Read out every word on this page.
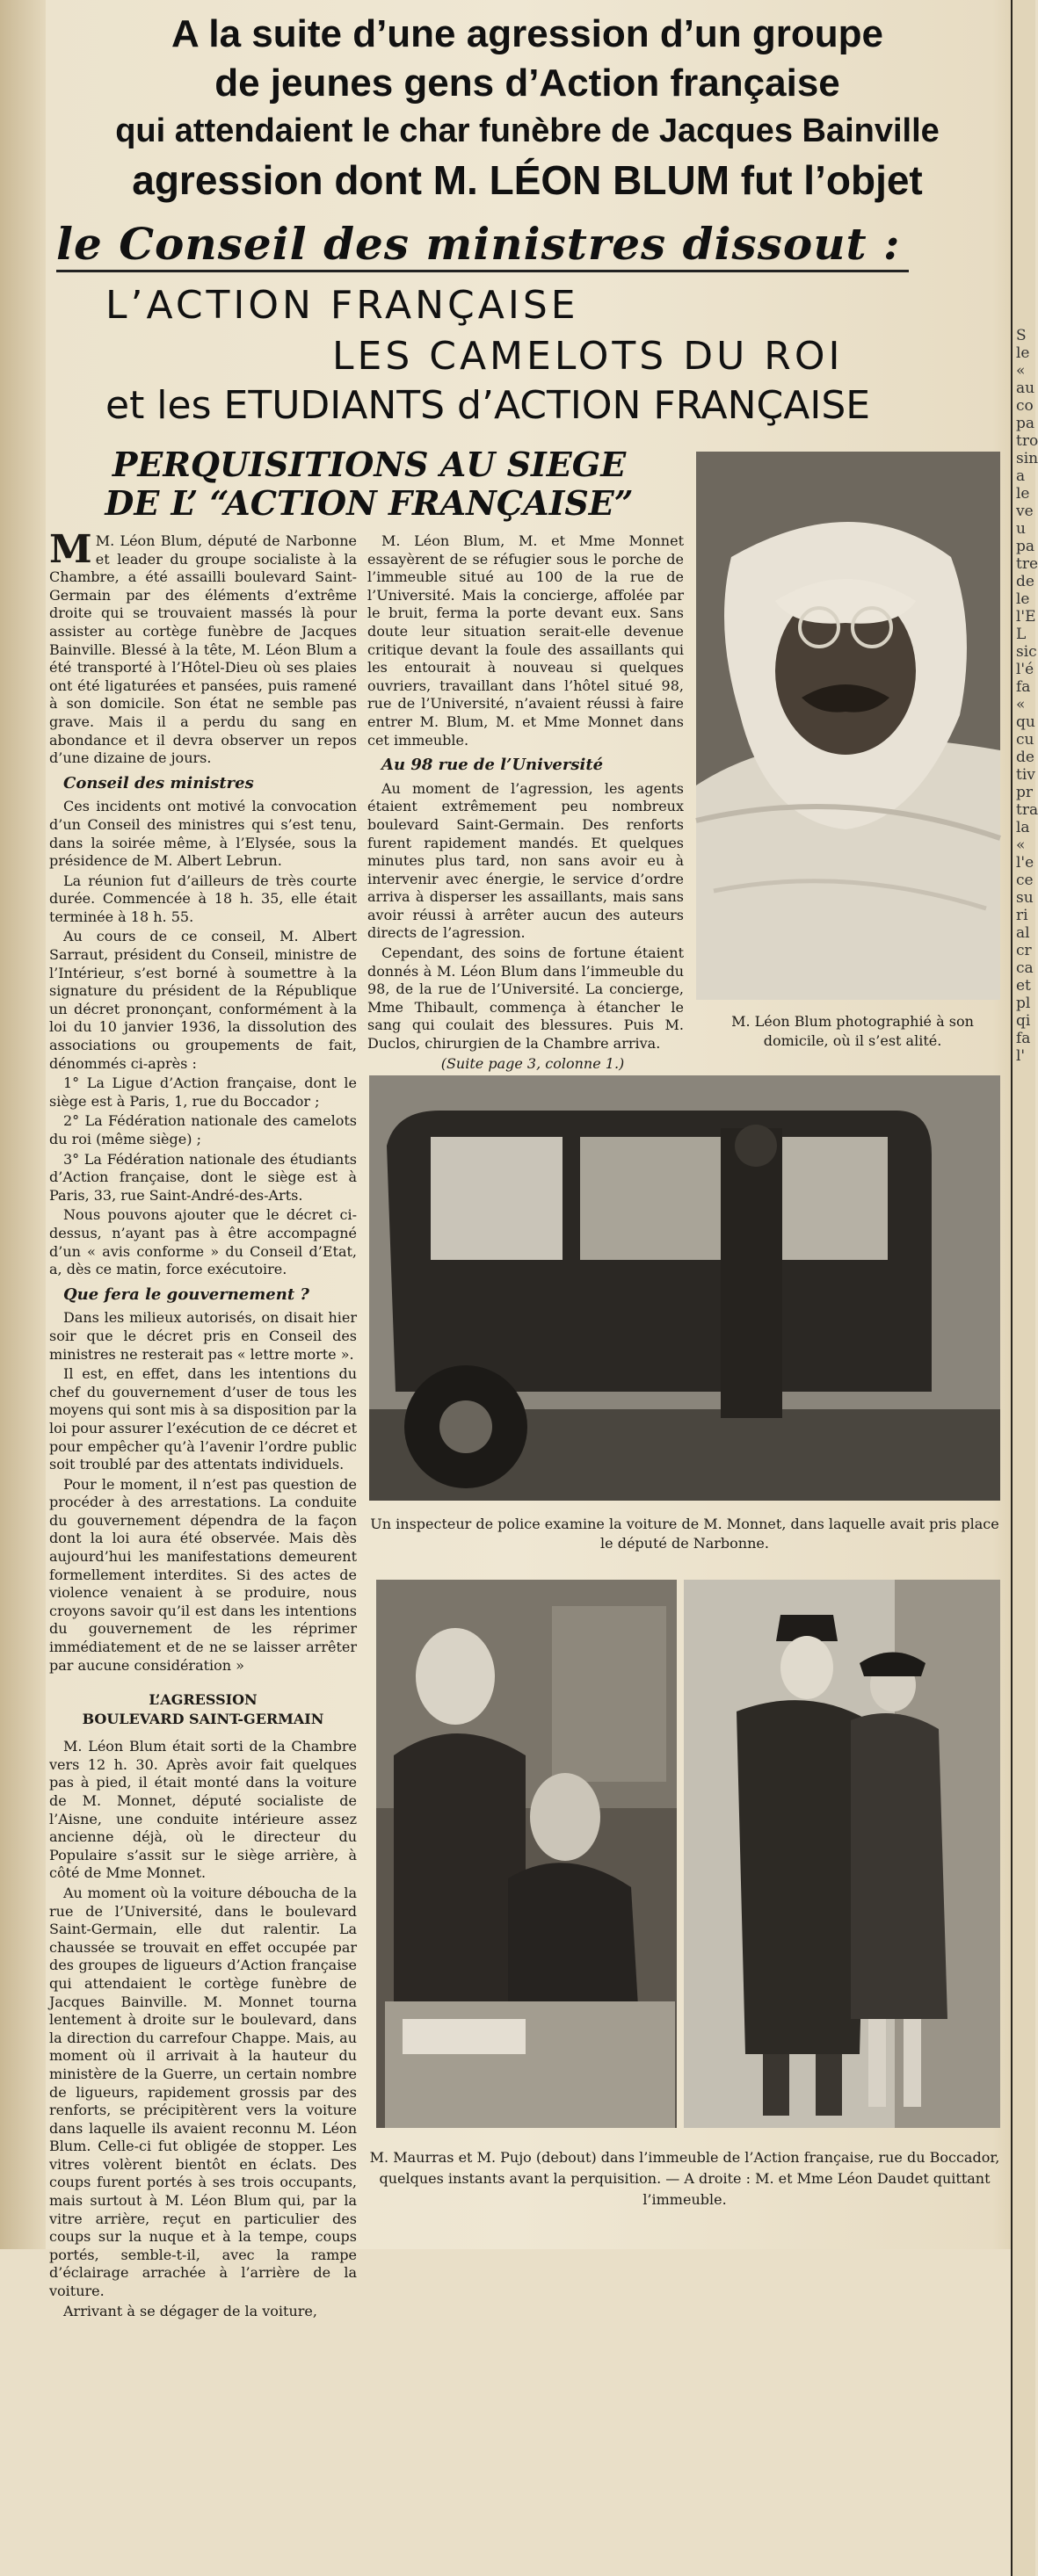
A la suite d’une agression d’un groupe
de jeunes gens d’Action française
qui attendaient le char funèbre de Jacques Bainville
agression dont M. LÉON BLUM fut l’objet
le Conseil des ministres dissout :
L’ACTION FRANÇAISE
LES CAMELOTS DU ROI
et les ETUDIANTS d’ACTION FRANÇAISE
PERQUISITIONS AU SIEGE
DE L’ “ACTION FRANÇAISE”

M M. Léon Blum, député de Narbonne et leader du groupe socialiste à la Chambre, a été assailli boulevard Saint-Germain par des éléments d’extrême droite qui se trouvaient massés là pour assister au cortège funèbre de Jacques Bainville. Blessé à la tête, M. Léon Blum a été transporté à l’Hôtel-Dieu où ses plaies ont été ligaturées et pansées, puis ramené à son domicile. Son état ne semble pas grave. Mais il a perdu du sang en abondance et il devra observer un repos d’une dizaine de jours.

Conseil des ministres

Ces incidents ont motivé la convocation d’un Conseil des ministres qui s’est tenu, dans la soirée même, à l’Elysée, sous la présidence de M. Albert Lebrun.

La réunion fut d’ailleurs de très courte durée. Commencée à 18 h. 35, elle était terminée à 18 h. 55.

Au cours de ce conseil, M. Albert Sarraut, président du Conseil, ministre de l’Intérieur, s’est borné à soumettre à la signature du président de la République un décret prononçant, conformément à la loi du 10 janvier 1936, la dissolution des associations ou groupements de fait, dénommés ci-après :

1° La Ligue d’Action française, dont le siège est à Paris, 1, rue du Boccador ;

2° La Fédération nationale des camelots du roi (même siège) ;

3° La Fédération nationale des étudiants d’Action française, dont le siège est à Paris, 33, rue Saint-André-des-Arts.

Nous pouvons ajouter que le décret ci-dessus, n’ayant pas à être accompagné d’un « avis conforme » du Conseil d’Etat, a, dès ce matin, force exécutoire.

Que fera le gouvernement ?

Dans les milieux autorisés, on disait hier soir que le décret pris en Conseil des ministres ne resterait pas « lettre morte ».

Il est, en effet, dans les intentions du chef du gouvernement d’user de tous les moyens qui sont mis à sa disposition par la loi pour assurer l’exécution de ce décret et pour empêcher qu’à l’avenir l’ordre public soit troublé par des attentats individuels.

Pour le moment, il n’est pas question de procéder à des arrestations. La conduite du gouvernement dépendra de la façon dont la loi aura été observée. Mais dès aujourd’hui les manifestations demeurent formellement interdites. Si des actes de violence venaient à se produire, nous croyons savoir qu’il est dans les intentions du gouvernement de les réprimer immédiatement et de ne se laisser arrêter par aucune considération »

L’AGRESSION
BOULEVARD SAINT-GERMAIN

M. Léon Blum était sorti de la Chambre vers 12 h. 30. Après avoir fait quelques pas à pied, il était monté dans la voiture de M. Monnet, député socialiste de l’Aisne, une conduite intérieure assez ancienne déjà, où le directeur du Populaire s’assit sur le siège arrière, à côté de Mme Monnet.

Au moment où la voiture déboucha de la rue de l’Université, dans le boulevard Saint-Germain, elle dut ralentir. La chaussée se trouvait en effet occupée par des groupes de ligueurs d’Action française qui attendaient le cortège funèbre de Jacques Bainville. M. Monnet tourna lentement à droite sur le boulevard, dans la direction du carrefour Chappe. Mais, au moment où il arrivait à la hauteur du ministère de la Guerre, un certain nombre de ligueurs, rapidement grossis par des renforts, se précipitèrent vers la voiture dans laquelle ils avaient reconnu M. Léon Blum. Celle-ci fut obligée de stopper. Les vitres volèrent bientôt en éclats. Des coups furent portés à ses trois occupants, mais surtout à M. Léon Blum qui, par la vitre arrière, reçut en particulier des coups sur la nuque et à la tempe, coups portés, semble-t-il, avec la rampe d’éclairage arrachée à l’arrière de la voiture.

Arrivant à se dégager de la voiture,

M. Léon Blum, M. et Mme Monnet essayèrent de se réfugier sous le porche de l’immeuble situé au 100 de la rue de l’Université. Mais la concierge, affolée par le bruit, ferma la porte devant eux. Sans doute leur situation serait-elle devenue critique devant la foule des assaillants qui les entourait à nouveau si quelques ouvriers, travaillant dans l’hôtel situé 98, rue de l’Université, n’avaient réussi à faire entrer M. Blum, M. et Mme Monnet dans cet immeuble.

Au 98 rue de l’Université

Au moment de l’agression, les agents étaient extrêmement peu nombreux boulevard Saint-Germain. Des renforts furent rapidement mandés. Et quelques minutes plus tard, non sans avoir eu à intervenir avec énergie, le service d’ordre arriva à disperser les assaillants, mais sans avoir réussi à arrêter aucun des auteurs directs de l’agression.

Cependant, des soins de fortune étaient donnés à M. Léon Blum dans l’immeuble du 98, de la rue de l’Université. La concierge, Mme Thibault, commença à étancher le sang qui coulait des blessures. Puis M. Duclos, chirurgien de la Chambre arriva.

(Suite page 3, colonne 1.)

M. Léon Blum photographié à son domicile, où il s’est alité.
Un inspecteur de police examine la voiture de M. Monnet, dans laquelle avait pris place le député de Narbonne.
M. Maurras et M. Pujo (debout) dans l’immeuble de l’Action française, rue du Boccador, quelques instants avant la perquisition. — A droite : M. et Mme Léon Daudet quittant l’immeuble.
S
le
«
au
co
pa
tro
sin
a
le
ve
u
pa
tre
de
le
l'E
L
sic
l'é
fa
«
qu
cu
de
tiv
pr
tra
la
«
l'e
ce
su
ri
al
cr
ca
et
pl
qi
fa
l'
